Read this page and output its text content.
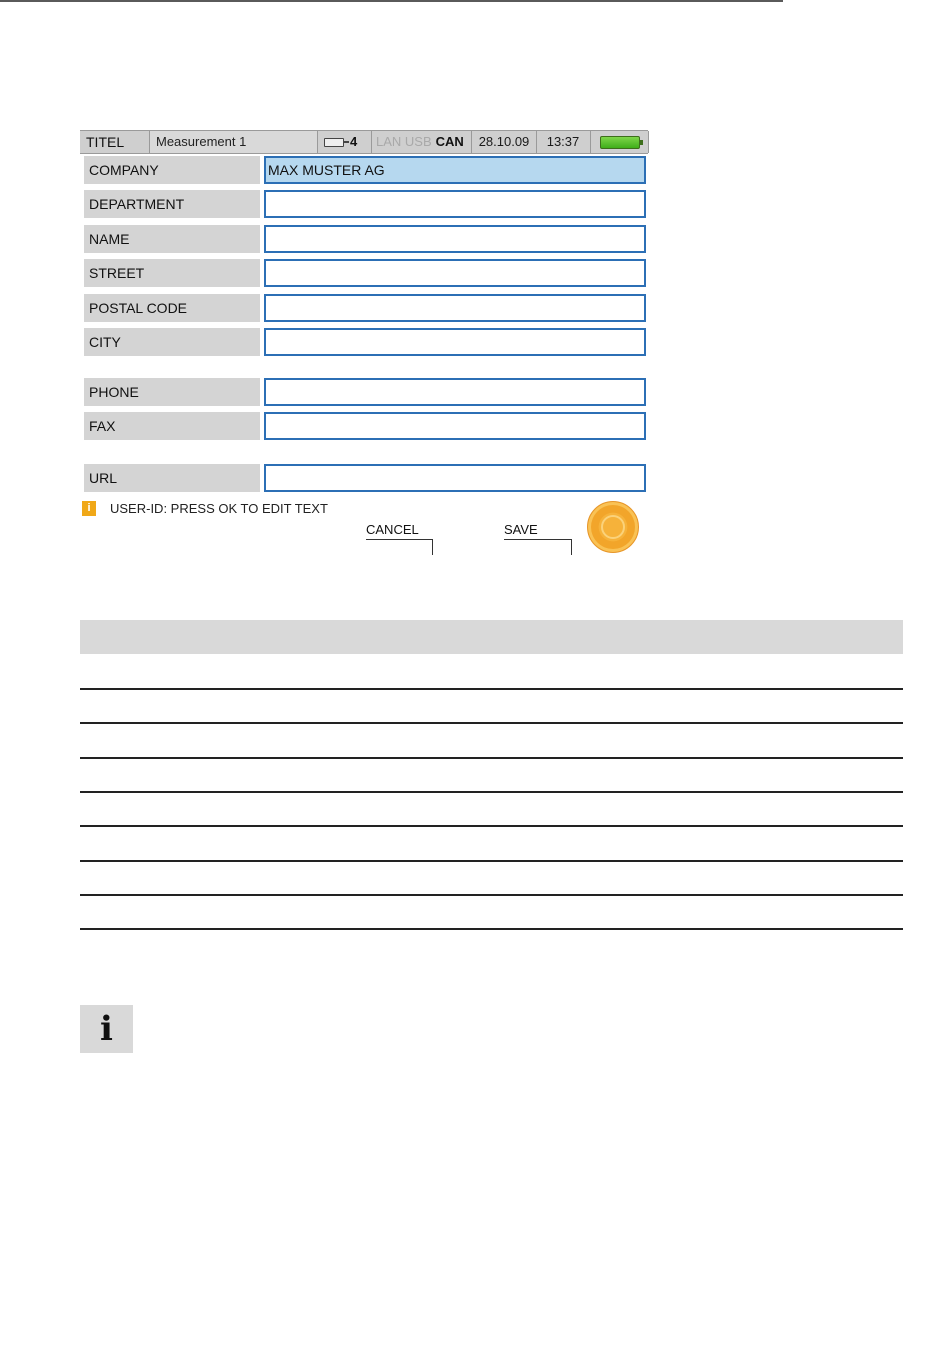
TITEL	Measurement 1	4	LAN USB CAN	28.10.09	13:37
COMPANY	MAX MUSTER AG
DEPARTMENT
NAME
STREET
POSTAL CODE
CITY
PHONE
FAX
URL
i	USER-ID: PRESS OK TO EDIT TEXT
CANCEL	SAVE
i
